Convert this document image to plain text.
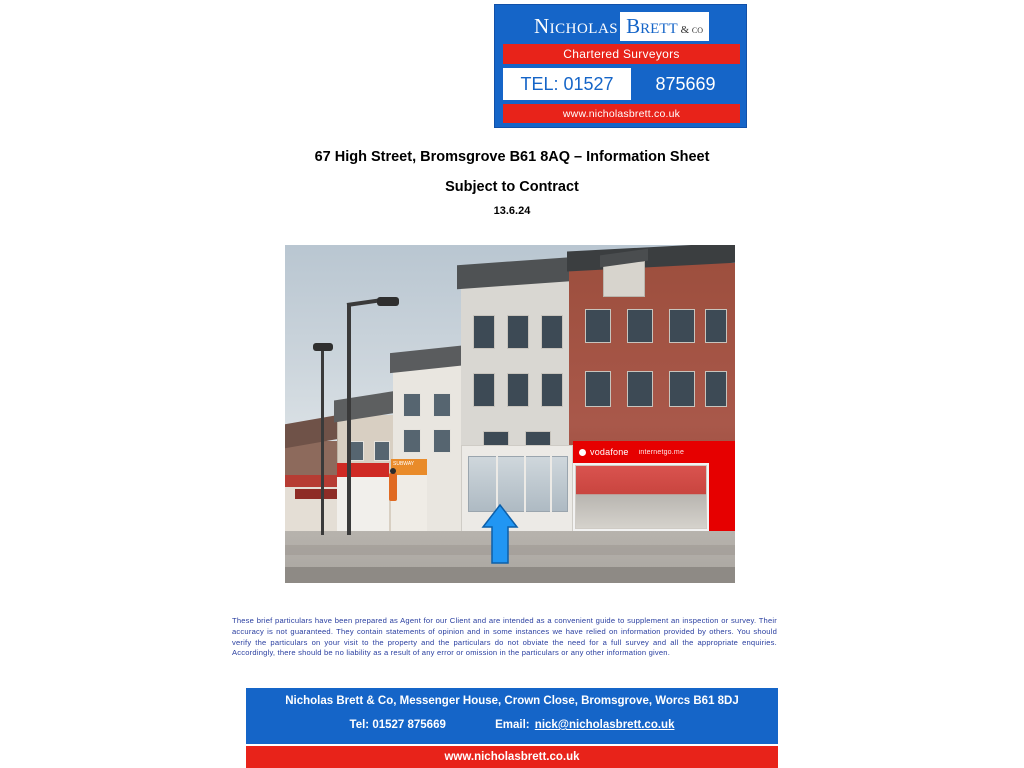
Nicholas Brett & co
Chartered Surveyors
TEL: 01527	875669
www.nicholasbrett.co.uk
67 High Street, Bromsgrove B61 8AQ – Information Sheet
Subject to Contract
13.6.24
SUBWAY
vodafone internetgo.me
These brief particulars have been prepared as Agent for our Client and are intended as a convenient guide to supplement an inspection or survey. Their accuracy is not guaranteed. They contain statements of opinion and in some instances we have relied on information provided by others. You should verify the particulars on your visit to the property and the particulars do not obviate the need for a full survey and all the appropriate enquiries. Accordingly, there should be no liability as a result of any error or omission in the particulars or any other information given.
Nicholas Brett & Co, Messenger House, Crown Close, Bromsgrove, Worcs B61 8DJ
Tel: 01527 875669	Email: nick@nicholasbrett.co.uk
www.nicholasbrett.co.uk
